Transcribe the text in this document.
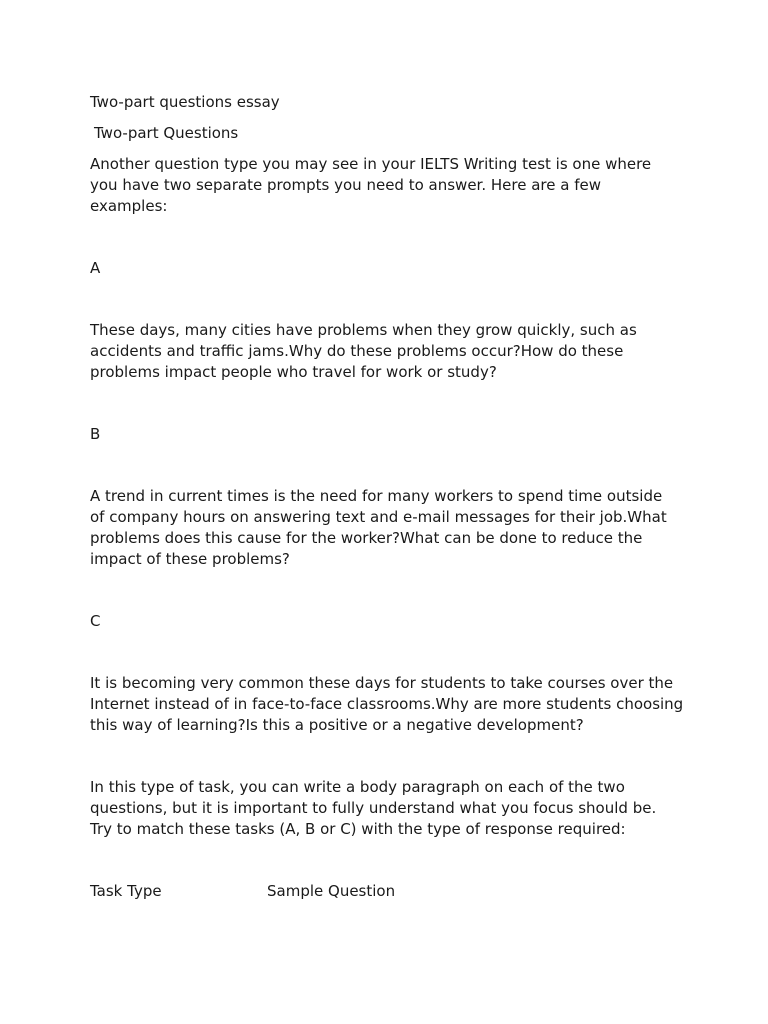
Two-part questions essay

Two-part Questions

Another question type you may see in your IELTS Writing test is one where you have two separate prompts you need to answer. Here are a few examples:

A

These days, many cities have problems when they grow quickly, such as accidents and traffic jams.Why do these problems occur?How do these problems impact people who travel for work or study?

B

A trend in current times is the need for many workers to spend time outside of company hours on answering text and e-mail messages for their job.What problems does this cause for the worker?What can be done to reduce the impact of these problems?

C

It is becoming very common these days for students to take courses over the Internet instead of in face-to-face classrooms.Why are more students choosing this way of learning?Is this a positive or a negative development?

In this type of task, you can write a body paragraph on each of the two questions, but it is important to fully understand what you focus should be. Try to match these tasks (A, B or C) with the type of response required:

Task Type	Sample Question
